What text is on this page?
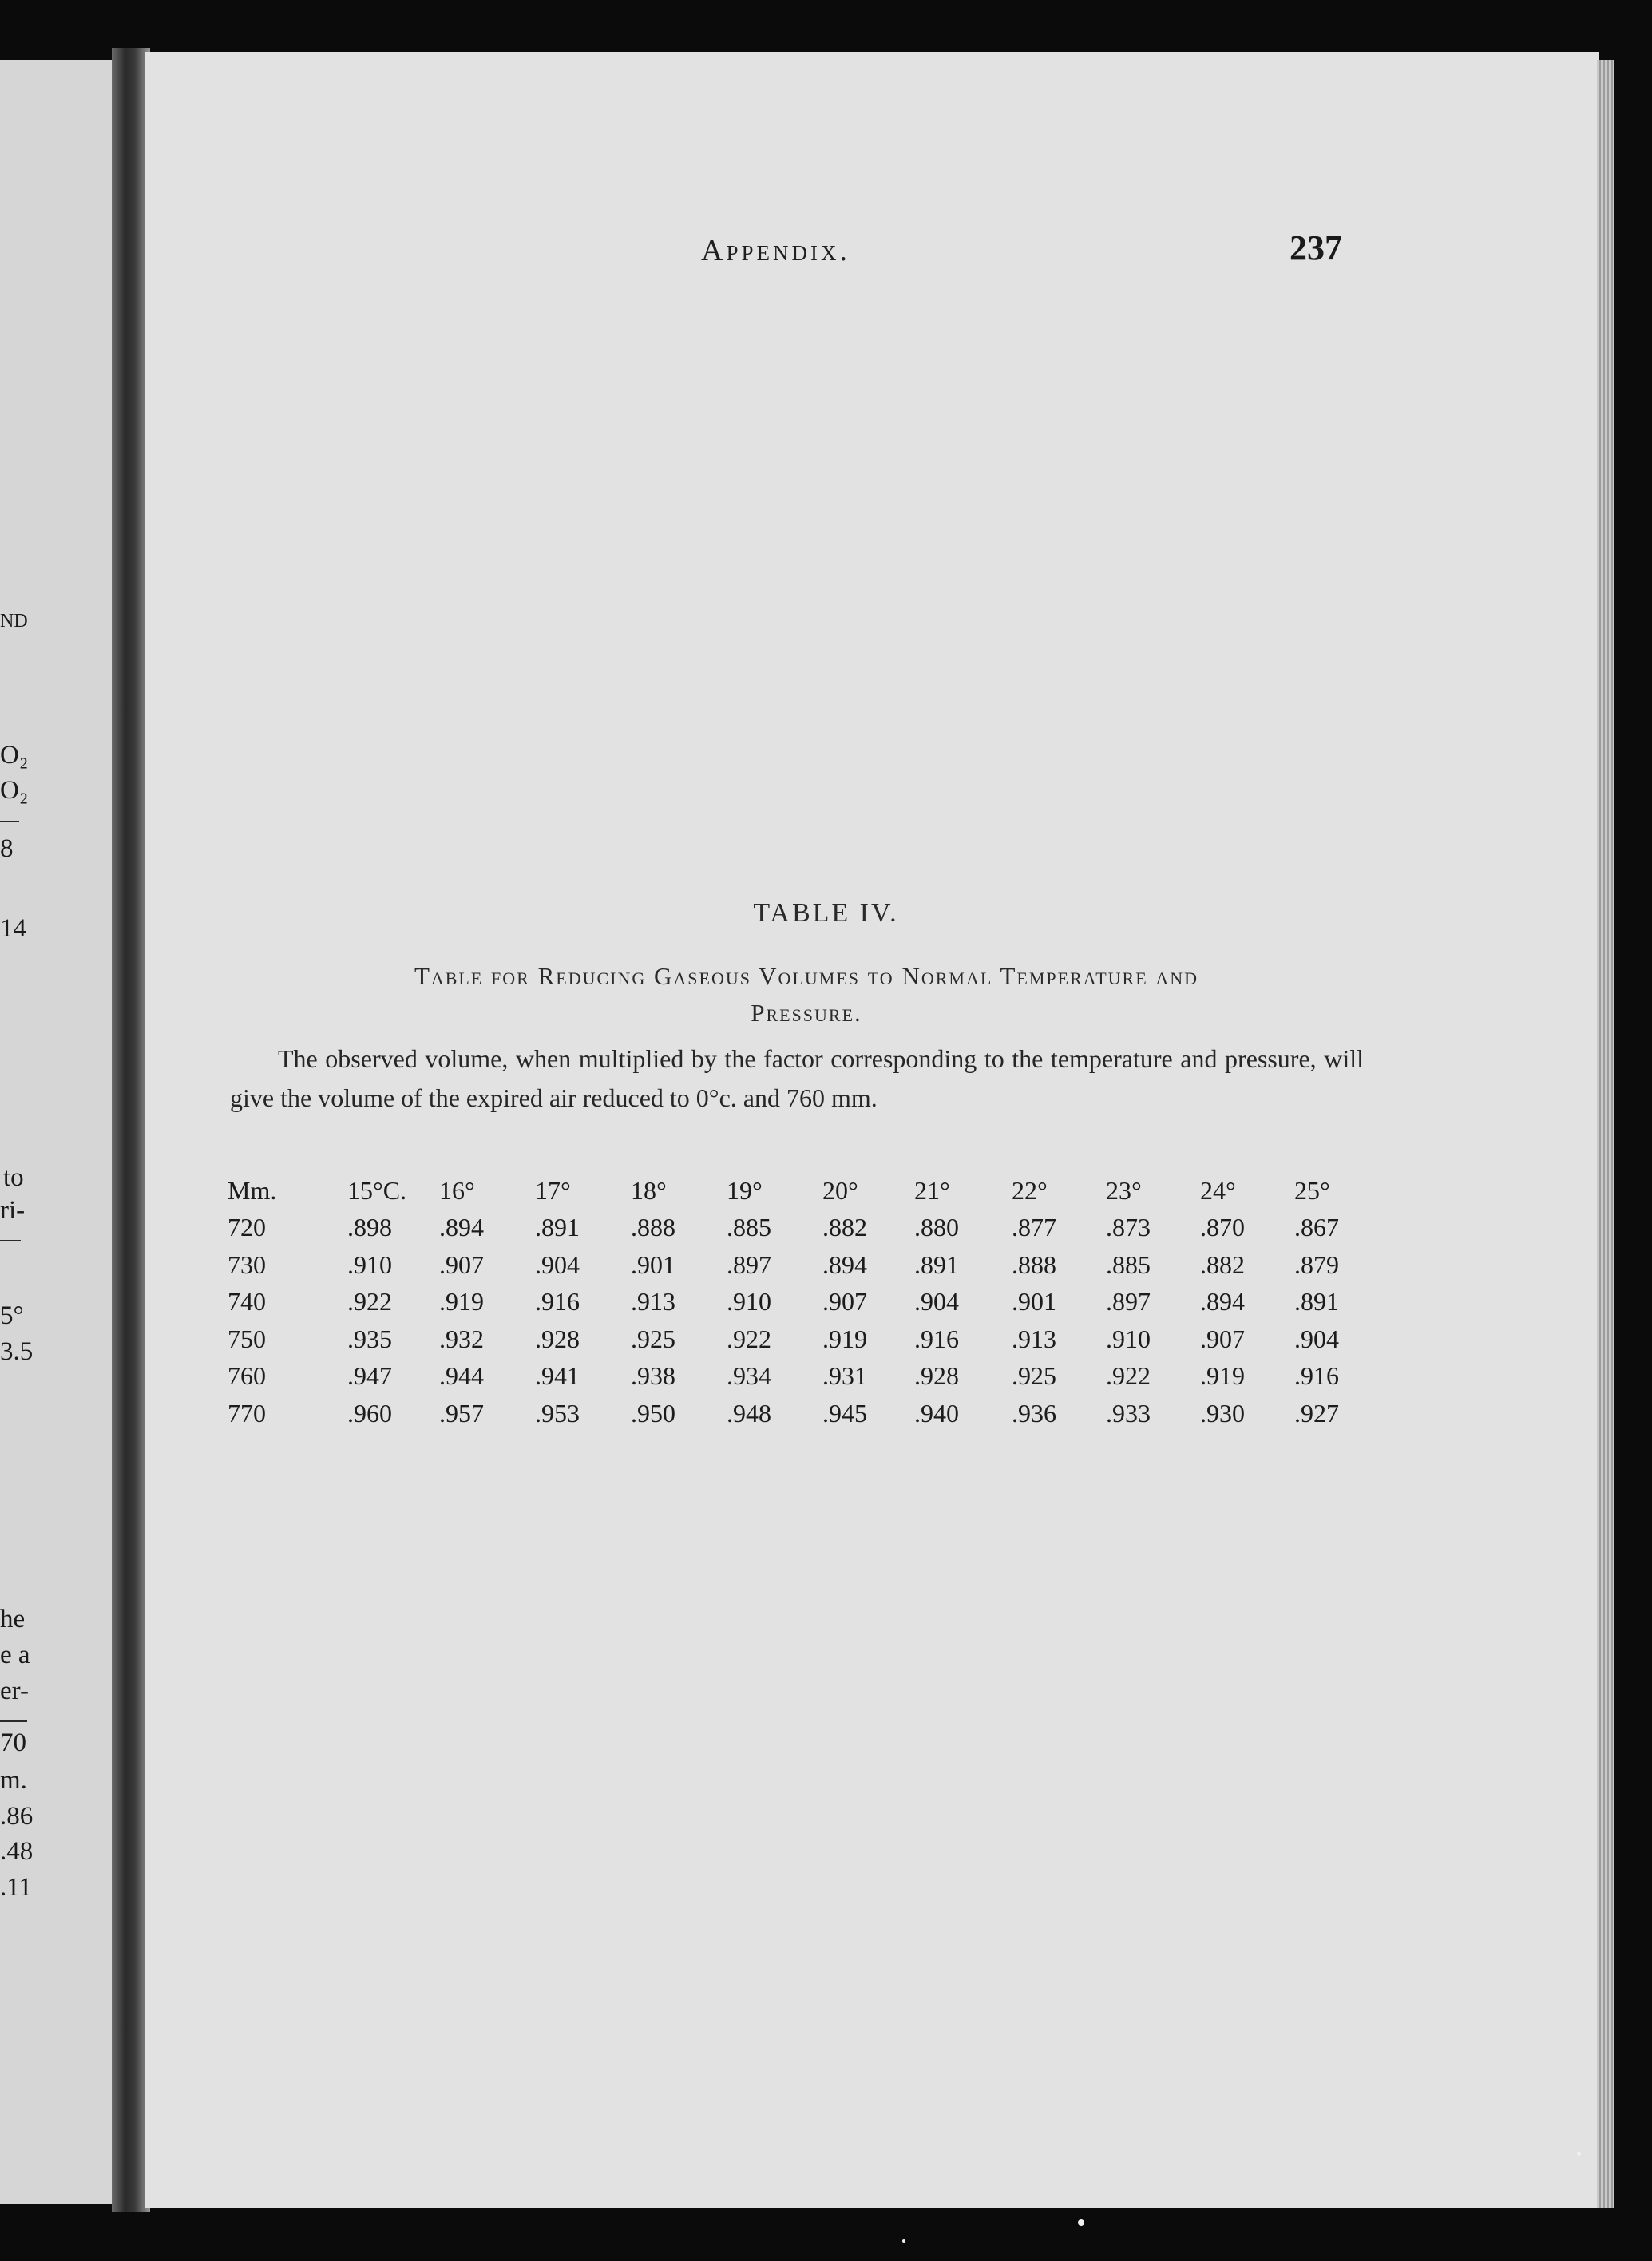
ND
O₂
O₂
8
14
to
ri-
5°
3.5
he
e a
er-
70
m.
.86
.48
.11
Appendix.	237
TABLE IV.
Table for Reducing Gaseous Volumes to Normal Temperature and
Pressure.
The observed volume, when multiplied by the factor corresponding to the temperature and pressure, will give the volume of the expired air reduced to 0°c. and 760 mm.
Mm.	15°C.	16°	17°	18°	19°	20°	21°	22°	23°	24°	25°
720	.898	.894	.891	.888	.885	.882	.880	.877	.873	.870	.867
730	.910	.907	.904	.901	.897	.894	.891	.888	.885	.882	.879
740	.922	.919	.916	.913	.910	.907	.904	.901	.897	.894	.891
750	.935	.932	.928	.925	.922	.919	.916	.913	.910	.907	.904
760	.947	.944	.941	.938	.934	.931	.928	.925	.922	.919	.916
770	.960	.957	.953	.950	.948	.945	.940	.936	.933	.930	.927
